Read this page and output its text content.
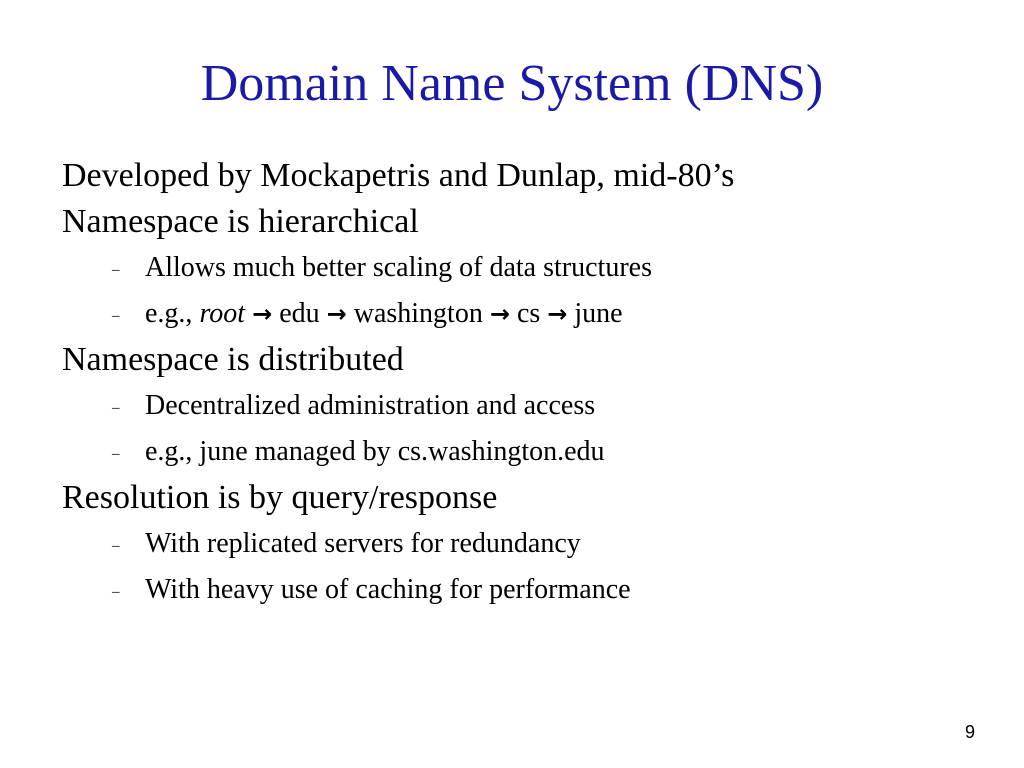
Domain Name System (DNS)
Developed by Mockapetris and Dunlap, mid-80’s
Namespace is hierarchical
– Allows much better scaling of data structures
– e.g., root → edu → washington → cs → june
Namespace is distributed
– Decentralized administration and access
– e.g., june managed by cs.washington.edu
Resolution is by query/response
– With replicated servers for redundancy
– With heavy use of caching for performance
9
